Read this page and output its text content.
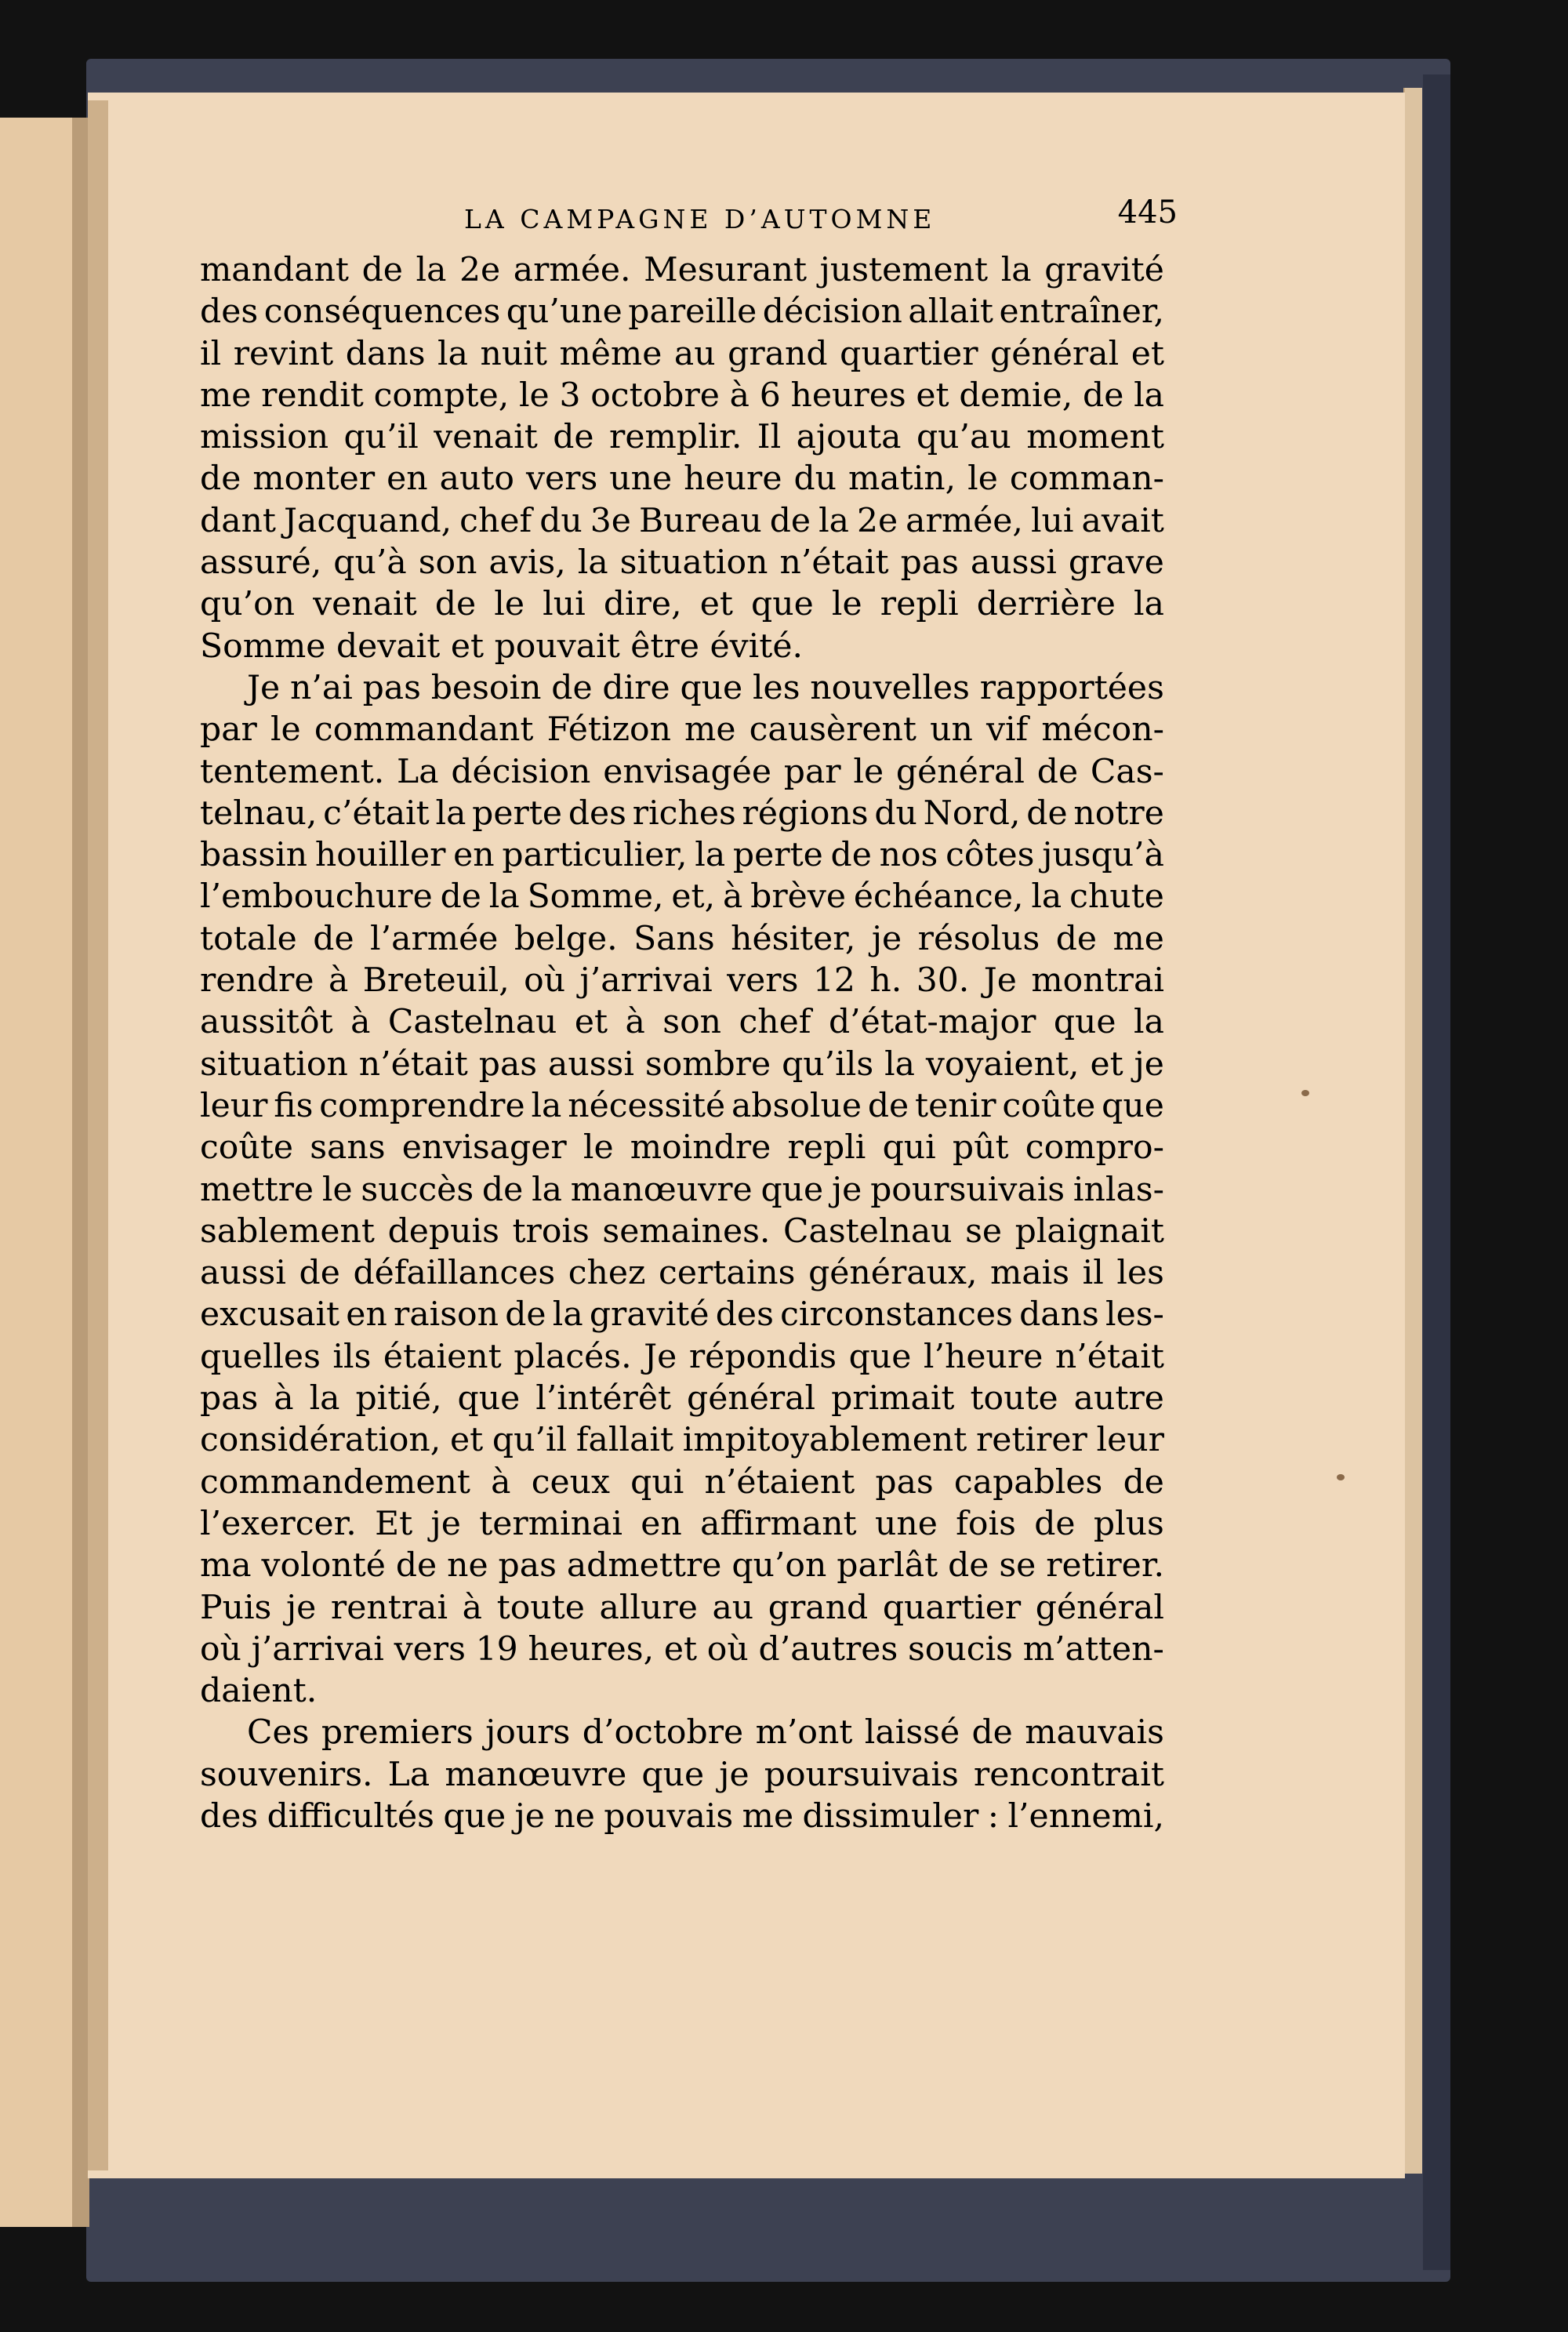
LA CAMPAGNE D’AUTOMNE	445
mandant de la 2e armée. Mesurant justement la gravité
des conséquences qu’une pareille décision allait entraîner,
il revint dans la nuit même au grand quartier général et
me rendit compte, le 3 octobre à 6 heures et demie, de la
mission qu’il venait de remplir. Il ajouta qu’au moment
de monter en auto vers une heure du matin, le comman-
dant Jacquand, chef du 3e Bureau de la 2e armée, lui avait
assuré, qu’à son avis, la situation n’était pas aussi grave
qu’on venait de le lui dire, et que le repli derrière la
Somme devait et pouvait être évité.
Je n’ai pas besoin de dire que les nouvelles rapportées
par le commandant Fétizon me causèrent un vif mécon-
tentement. La décision envisagée par le général de Cas-
telnau, c’était la perte des riches régions du Nord, de notre
bassin houiller en particulier, la perte de nos côtes jusqu’à
l’embouchure de la Somme, et, à brève échéance, la chute
totale de l’armée belge. Sans hésiter, je résolus de me
rendre à Breteuil, où j’arrivai vers 12 h. 30. Je montrai
aussitôt à Castelnau et à son chef d’état-major que la
situation n’était pas aussi sombre qu’ils la voyaient, et je
leur fis comprendre la nécessité absolue de tenir coûte que
coûte sans envisager le moindre repli qui pût compro-
mettre le succès de la manœuvre que je poursuivais inlas-
sablement depuis trois semaines. Castelnau se plaignait
aussi de défaillances chez certains généraux, mais il les
excusait en raison de la gravité des circonstances dans les-
quelles ils étaient placés. Je répondis que l’heure n’était
pas à la pitié, que l’intérêt général primait toute autre
considération, et qu’il fallait impitoyablement retirer leur
commandement à ceux qui n’étaient pas capables de
l’exercer. Et je terminai en affirmant une fois de plus
ma volonté de ne pas admettre qu’on parlât de se retirer.
Puis je rentrai à toute allure au grand quartier général
où j’arrivai vers 19 heures, et où d’autres soucis m’atten-
daient.
Ces premiers jours d’octobre m’ont laissé de mauvais
souvenirs. La manœuvre que je poursuivais rencontrait
des difficultés que je ne pouvais me dissimuler : l’ennemi,
